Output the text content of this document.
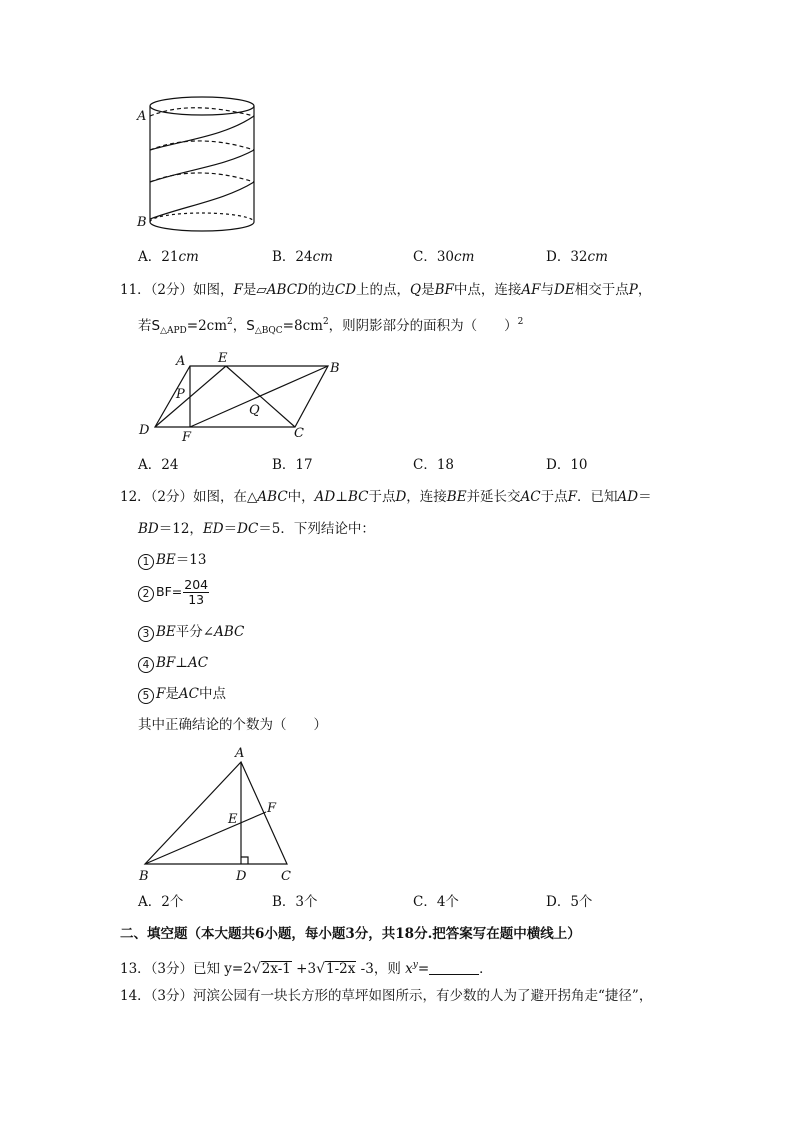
A
B
A．21cm	B．24cm	C．30cm	D．32cm
11．（2分）如图，F是▱ABCD的边CD上的点，Q是BF中点，连接AF与DE相交于点P，
若$S_{\triangle APD}=2cm^2$，$S_{\triangle BQC}=8cm^2$，则阴影部分的面积为（　　）$^2$
A	E
B
P
Q
D	F	C
A．24	B．17	C．18	D．10
12．（2分）如图，在△ABC中，AD⊥BC于点D，连接BE并延长交AC于点F．已知AD＝
BD＝12，ED＝DC＝5．下列结论中：
1 BE＝13
2 $BF= \frac{204}{13}$
3 BE平分∠ABC
4 BF⊥AC
5 F是AC中点
其中正确结论的个数为（　　）
A
F
E
B	D	C
A．2个	B．3个	C．4个	D．5个
二、填空题（本大题共6小题，每小题3分，共18分.把答案写在题中横线上）
13．（3分）已知 y=2√2x-1 +3√1-2x -3，则 $x^y=$	．
14．（3分）河滨公园有一块长方形的草坪如图所示，有少数的人为了避开拐角走“捷径”，
